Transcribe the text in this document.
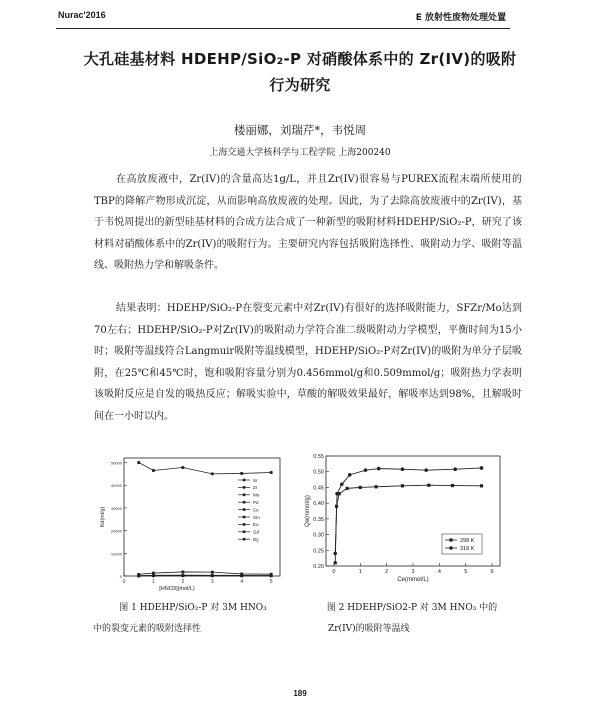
Nurac'2016	E 放射性废物处理处置
大孔硅基材料 HDEHP/SiO₂-P 对硝酸体系中的 Zr(IV)的吸附
行为研究
楼丽娜，刘瑞芹*，韦悦周
上海交通大学核科学与工程学院 上海200240

在高放废液中，Zr(IV)的含量高达1g/L，并且Zr(IV)很容易与PUREX流程末端所使用的TBP的降解产物形成沉淀，从而影响高放废液的处理。因此，为了去除高放废液中的Zr(IV)，基于韦悦周提出的新型硅基材料的合成方法合成了一种新型的吸附材料HDEHP/SiO₂-P，研究了该材料对硝酸体系中的Zr(IV)的吸附行为。主要研究内容包括吸附选择性、吸附动力学、吸附等温线、吸附热力学和解吸条件。

结果表明：HDEHP/SiO₂-P在裂变元素中对Zr(IV)有很好的选择吸附能力，SFZr/Mo达到70左右；HDEHP/SiO₂-P对Zr(IV)的吸附动力学符合准二级吸附动力学模型，平衡时间为15小时；吸附等温线符合Langmuir吸附等温线模型，HDEHP/SiO₂-P对Zr(IV)的吸附为单分子层吸附，在25℃和45℃时，饱和吸附容量分别为0.456mmol/g和0.509mmol/g；吸附热力学表明该吸附反应是自发的吸热反应；解吸实验中，草酸的解吸效果最好，解吸率达到98%，且解吸时间在一小时以内。

0
10000
20000
30000
40000
50000
0	1	2	3	4	5
[HNO3](mol/L)
Kd(ml/g)
Sr
Zr
Mo
Pd
Ce
Sm
Eu
Gd
Dy
0.20
0.25
0.30
0.35
0.40
0.45
0.50
0.55
0	1	2	3	4	5	6
Ce(mmol/L)
Qe(mmol/g)
298 K
318 K
图 1 HDEHP/SiO₂-P 对 3M HNO₃
中的裂变元素的吸附选择性
图 2 HDEHP/SiO2-P 对 3M HNO₃ 中的
Zr(IV)的吸附等温线
189
